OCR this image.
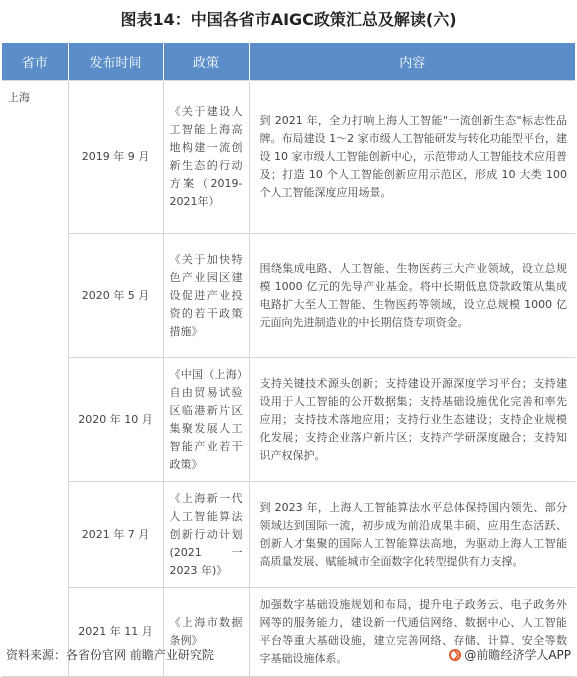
图表14：中国各省市AIGC政策汇总及解读(六)
省市	发布时间	政策	内容
上海	2019 年 9 月	《关于建设人工智能上海高地构建一流创新生态的行动方案（2019-2021年）	到 2021 年，全力打响上海人工智能"一流创新生态"标志性品牌。布局建设 1～2 家市级人工智能研发与转化功能型平台，建设 10 家市级人工智能创新中心，示范带动人工智能技术应用普及；打造 10 个人工智能创新应用示范区，形成 10 大类 100 个人工智能深度应用场景。
	2020 年 5 月	《关于加快特色产业园区建设促进产业投资的若干政策措施》	围绕集成电路、人工智能、生物医药三大产业领域，设立总规模 1000 亿元的先导产业基金。将中长期低息贷款政策从集成电路扩大至人工智能、生物医药等领域，设立总规模 1000 亿元面向先进制造业的中长期信贷专项资金。
	2020 年 10 月	《中国（上海）自由贸易试验区临港新片区集聚发展人工智能产业若干政策》	支持关键技术源头创新；支持建设开源深度学习平台；支持建设用于人工智能的公开数据集；支持基础设施优化完善和率先应用；支持技术落地应用；支持行业生态建设；支持企业规模化发展；支持企业落户新片区；支持产学研深度融合；支持知识产权保护。
	2021 年 7 月	《上海新一代人工智能算法创新行动计划(2021 一 2023 年)》	到 2023 年，上海人工智能算法水平总体保持国内领先、部分领域达到国际一流，初步成为前沿成果丰硕、应用生态活跃、创新人才集聚的国际人工智能算法高地，为驱动上海人工智能高质量发展、赋能城市全面数字化转型提供有力支撑。
	2021 年 11 月	《上海市数据条例》	加强数字基础设施规划和布局，提升电子政务云、电子政务外网等的服务能力，建设新一代通信网络、数据中心、人工智能平台等重大基础设施，建立完善网络、存储、计算、安全等数字基础设施体系。
资料来源：各省份官网 前瞻产业研究院	@前瞻经济学人APP
